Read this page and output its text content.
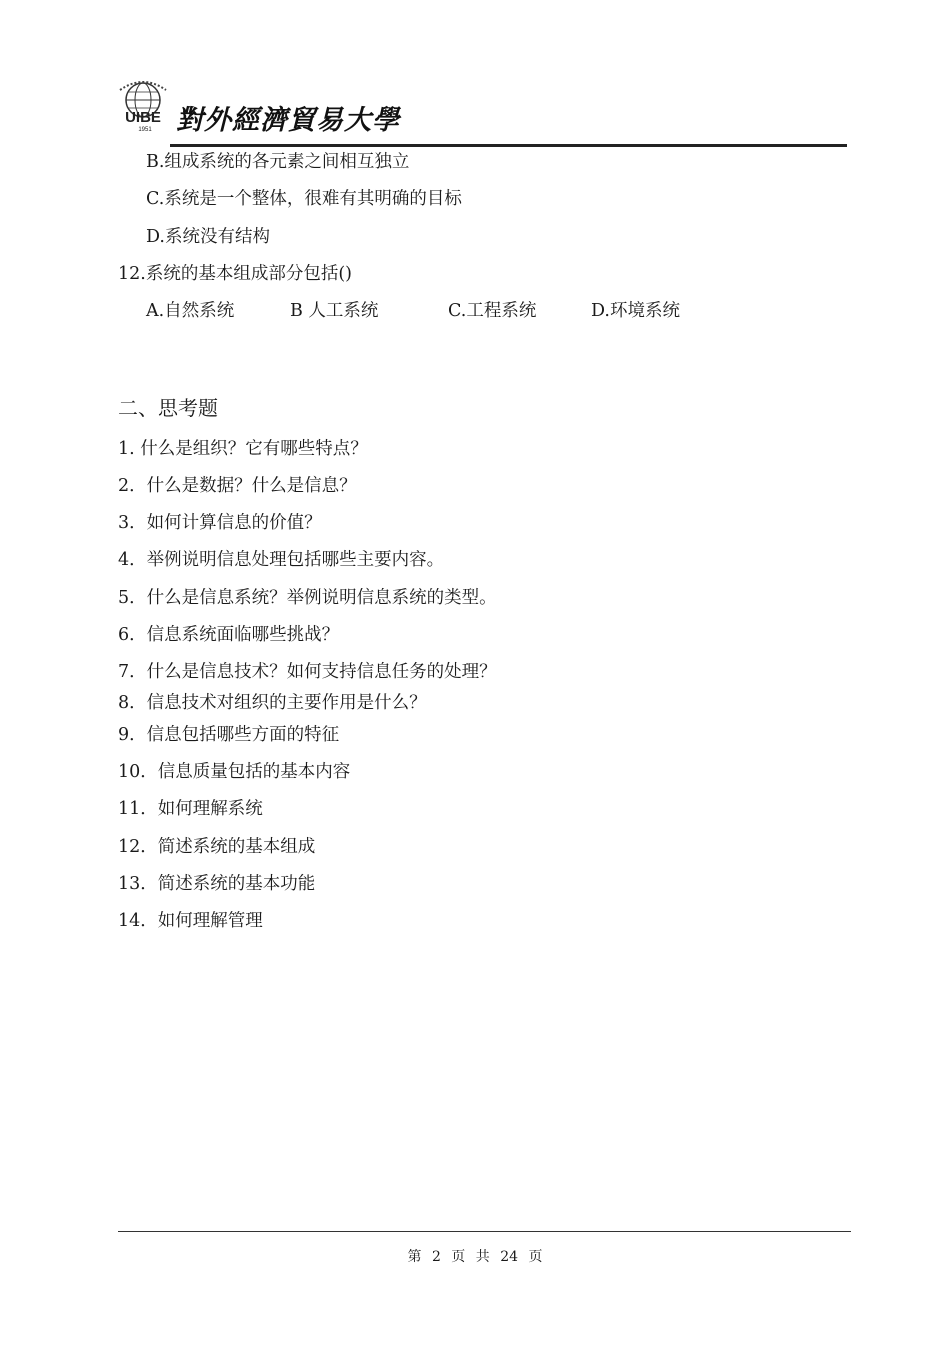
UIBE
1951 對外經濟貿易大學
B.组成系统的各元素之间相互独立
C.系统是一个整体，很难有其明确的目标
D.系统没有结构
12.系统的基本组成部分包括()
A.自然系统	B 人工系统	C.工程系统	D.环境系统
二、思考题
1. 什么是组织？它有哪些特点？
2．什么是数据？什么是信息？
3．如何计算信息的价值？
4．举例说明信息处理包括哪些主要内容。
5．什么是信息系统？举例说明信息系统的类型。
6．信息系统面临哪些挑战？
7．什么是信息技术？如何支持信息任务的处理？
8．信息技术对组织的主要作用是什么？
9．信息包括哪些方面的特征
10．信息质量包括的基本内容
11．如何理解系统
12．简述系统的基本组成
13．简述系统的基本功能
14．如何理解管理
第 2 页 共 24 页
